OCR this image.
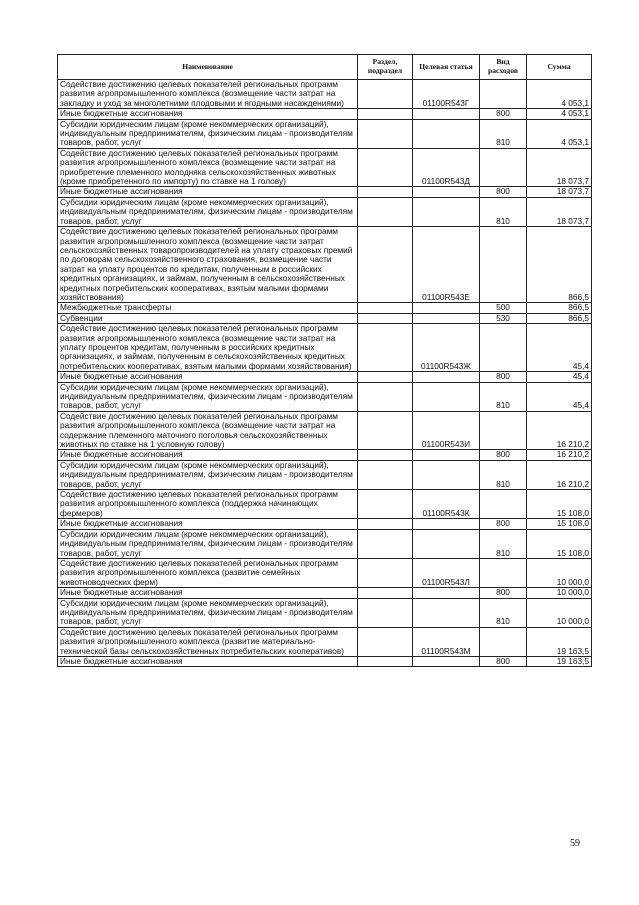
Наименование	Раздел, подраздел	Целевая статья	Вид расходов	Сумма
Содействие достижению целевых показателей региональных программ развития агропромышленного комплекса (возмещение части затрат на закладку и уход за многолетними плодовыми и ягодными насаждениями)		01100R543Г		4 053,1
Иные бюджетные ассигнования			800	4 053,1
Субсидии юридическим лицам (кроме некоммерческих организаций), индивидуальным предпринимателям, физическим лицам - производителям товаров, работ, услуг			810	4 053,1
Содействие достижению целевых показателей региональных программ развития агропромышленного комплекса (возмещение части затрат на приобретение племенного молодняка сельскохозяйственных животных (кроме приобретенного по импорту) по ставке на 1 голову)		01100R543Д		18 073,7
Иные бюджетные ассигнования			800	18 073,7
Субсидии юридическим лицам (кроме некоммерческих организаций), индивидуальным предпринимателям, физическим лицам - производителям товаров, работ, услуг			810	18 073,7
Содействие достижению целевых показателей региональных программ развития агропромышленного комплекса (возмещение части затрат сельскохозяйственных товаропроизводителей на уплату страховых премий по договорам сельскохозяйственного страхования, возмещение части затрат на уплату процентов по кредитам, полученным в российских кредитных организациях, и займам, полученным в сельскохозяйственных кредитных потребительских кооперативах, взятым малыми формами хозяйствования)		01100R543Е		866,5
Межбюджетные трансферты			500	866,5
Субвенции			530	866,5
Содействие достижению целевых показателей региональных программ развития агропромышленного комплекса (возмещение части затрат на уплату процентов кредитам, полученным в российских кредитных организациях, и займам, полученным в сельскохозяйственных кредитных потребительских кооперативах, взятым малыми формами хозяйствования)		01100R543Ж		45,4
Иные бюджетные ассигнования			800	45,4
Субсидии юридическим лицам (кроме некоммерческих организаций), индивидуальным предпринимателям, физическим лицам - производителям товаров, работ, услуг			810	45,4
Содействие достижению целевых показателей региональных программ развития агропромышленного комплекса (возмещение части затрат на содержание племенного маточного поголовья сельскохозяйственных животных по ставке на 1 условную голову)		01100R543И		16 210,2
Иные бюджетные ассигнования			800	16 210,2
Субсидии юридическим лицам (кроме некоммерческих организаций), индивидуальным предпринимателям, физическим лицам - производителям товаров, работ, услуг			810	16 210,2
Содействие достижению целевых показателей региональных программ развития агропромышленного комплекса (поддержка начинающих фермеров)		01100R543К		15 108,0
Иные бюджетные ассигнования			800	15 108,0
Субсидии юридическим лицам (кроме некоммерческих организаций), индивидуальным предпринимателям, физическим лицам - производителям товаров, работ, услуг			810	15 108,0
Содействие достижению целевых показателей региональных программ развития агропромышленного комплекса (развитие семейных животноводческих ферм)		01100R543Л		10 000,0
Иные бюджетные ассигнования			800	10 000,0
Субсидии юридическим лицам (кроме некоммерческих организаций), индивидуальным предпринимателям, физическим лицам - производителям товаров, работ, услуг			810	10 000,0
Содействие достижению целевых показателей региональных программ развития агропромышленного комплекса (развитие материально-технической базы сельскохозяйственных потребительских кооперативов)		01100R543М		19 163,5
Иные бюджетные ассигнования			800	19 163,5
59
